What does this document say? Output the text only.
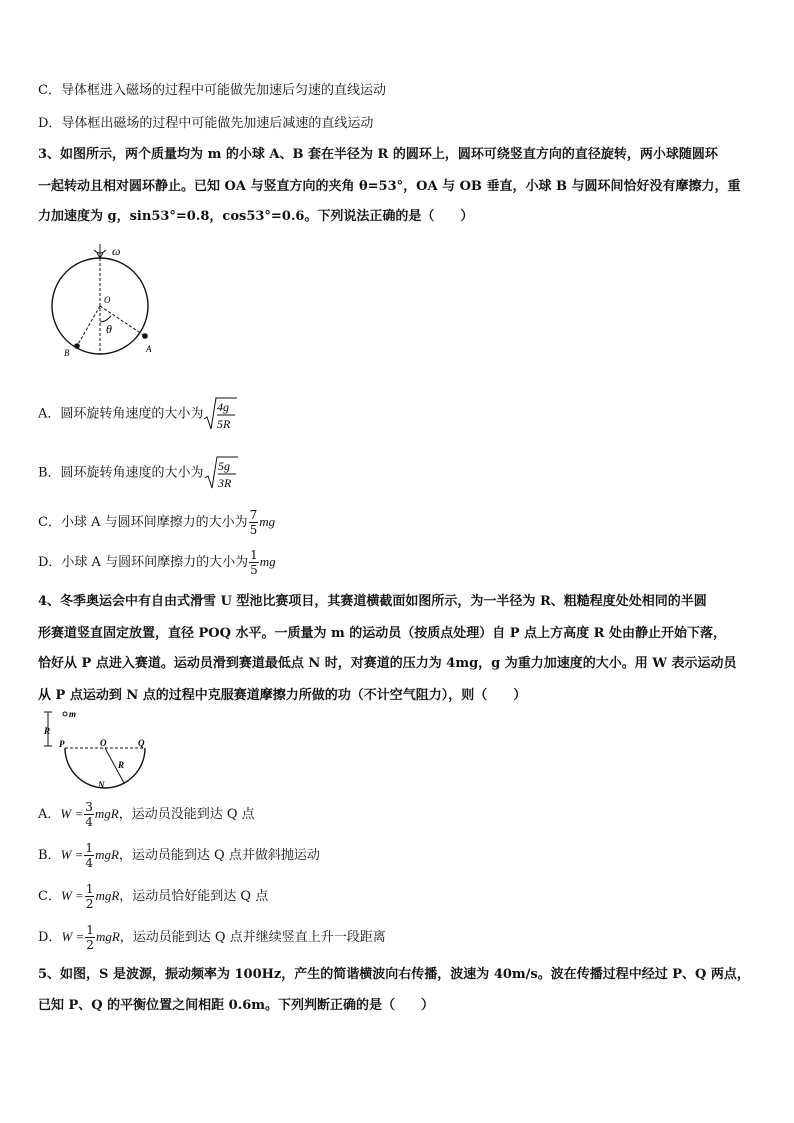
C．导体框进入磁场的过程中可能做先加速后匀速的直线运动
D．导体框出磁场的过程中可能做先加速后减速的直线运动
3、如图所示，两个质量均为 m 的小球 A、B 套在半径为 R 的圆环上，圆环可绕竖直方向的直径旋转，两小球随圆环
一起转动且相对圆环静止。已知 OA 与竖直方向的夹角 θ=53°，OA 与 OB 垂直，小球 B 与圆环间恰好没有摩擦力，重
力加速度为 g，sin53°=0.8，cos53°=0.6。下列说法正确的是（　　）
ω
θ
O
A
B
A．圆环旋转角速度的大小为 4g
5R
B．圆环旋转角速度的大小为 5g
3R
C．小球 A 与圆环间摩擦力的大小为 $\frac{7}{5}$ mg
D．小球 A 与圆环间摩擦力的大小为 $\frac{1}{5}$ mg
4、冬季奥运会中有自由式滑雪 U 型池比赛项目，其赛道横截面如图所示，为一半径为 R、粗糙程度处处相同的半圆
形赛道竖直固定放置，直径 POQ 水平。一质量为 m 的运动员（按质点处理）自 P 点上方高度 R 处由静止开始下落，
恰好从 P 点进入赛道。运动员滑到赛道最低点 N 时，对赛道的压力为 4mg，g 为重力加速度的大小。用 W 表示运动员
从 P 点运动到 N 点的过程中克服赛道摩擦力所做的功（不计空气阻力），则（　　）
R
m
P	O	Q
R
N
A．$W = \frac{3}{4}$ mgR，运动员没能到达 Q 点
B．$W = \frac{1}{4}$ mgR，运动员能到达 Q 点并做斜抛运动
C．$W = \frac{1}{2}$ mgR，运动员恰好能到达 Q 点
D．$W = \frac{1}{2}$ mgR，运动员能到达 Q 点并继续竖直上升一段距离
5、如图，S 是波源，振动频率为 100Hz，产生的简谐横波向右传播，波速为 40m/s。波在传播过程中经过 P、Q 两点，
已知 P、Q 的平衡位置之间相距 0.6m。下列判断正确的是（　　）
